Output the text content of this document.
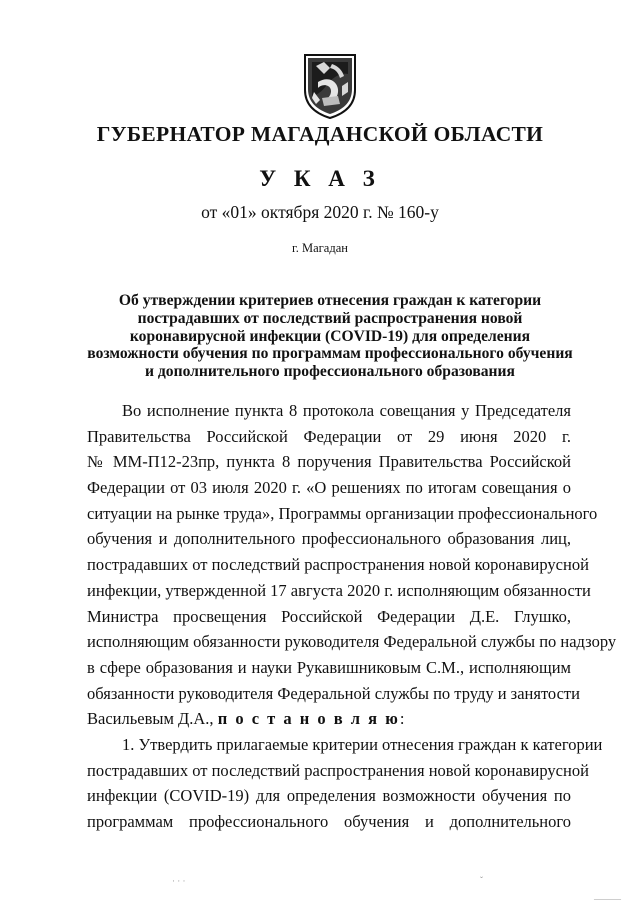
ГУБЕРНАТОР МАГАДАНСКОЙ ОБЛАСТИ
У К А З
от «01» октября 2020 г. № 160-у
г. Магадан
Об утверждении критериев отнесения граждан к категории
пострадавших от последствий распространения новой
коронавирусной инфекции (COVID-19) для определения
возможности обучения по программам профессионального обучения
и дополнительного профессионального образования
Во исполнение пункта 8 протокола совещания у Председателя
Правительства Российской Федерации от 29 июня 2020 г.
№ ММ-П12-23пр, пункта 8 поручения Правительства Российской
Федерации от 03 июля 2020 г. «О решениях по итогам совещания о
ситуации на рынке труда», Программы организации профессионального
обучения и дополнительного профессионального образования лиц,
пострадавших от последствий распространения новой коронавирусной
инфекции, утвержденной 17 августа 2020 г. исполняющим обязанности
Министра просвещения Российской Федерации Д.Е. Глушко,
исполняющим обязанности руководителя Федеральной службы по надзору
в сфере образования и науки Рукавишниковым С.М., исполняющим
обязанности руководителя Федеральной службы по труду и занятости
Васильевым Д.А., п о с т а н о в л я ю:
1. Утвердить прилагаемые критерии отнесения граждан к категории
пострадавших от последствий распространения новой коронавирусной
инфекции (COVID-19) для определения возможности обучения по
программам профессионального обучения и дополнительного
· · ·	ˇ
———
